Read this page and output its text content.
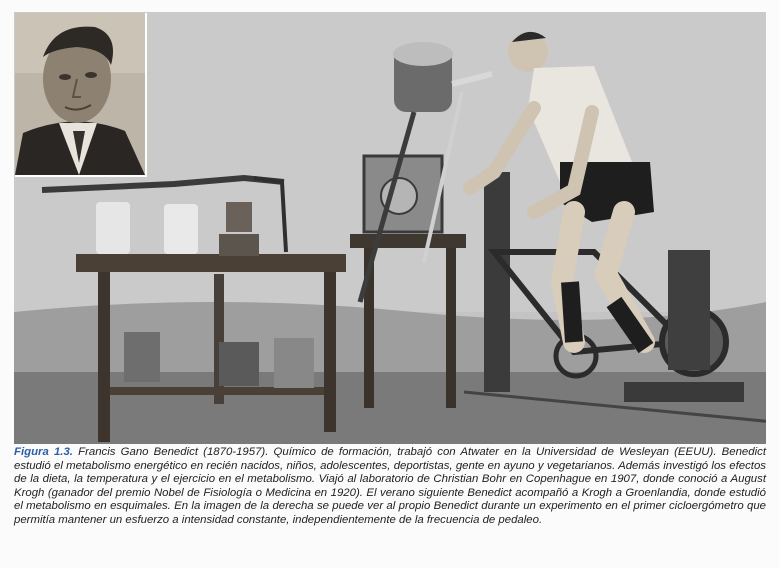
Figura 1.3. Francis Gano Benedict (1870-1957). Químico de formación, trabajó con Atwater en la Universidad de Wesleyan (EEUU). Benedict estudió el metabolismo energético en recién nacidos, niños, adolescentes, deportistas, gente en ayuno y vegetarianos. Además investigó los efectos de la dieta, la temperatura y el ejercicio en el metabolismo. Viajó al laboratorio de Christian Bohr en Copenhague en 1907, donde conoció a August Krogh (ganador del premio Nobel de Fisiología o Medicina en 1920). El verano siguiente Benedict acompañó a Krogh a Groenlandia, donde estudió el metabolismo en esquimales. En la imagen de la derecha se puede ver al propio Benedict durante un experimento en el primer cicloergómetro que permitía mantener un esfuerzo a intensidad constante, independientemente de la frecuencia de pedaleo.
